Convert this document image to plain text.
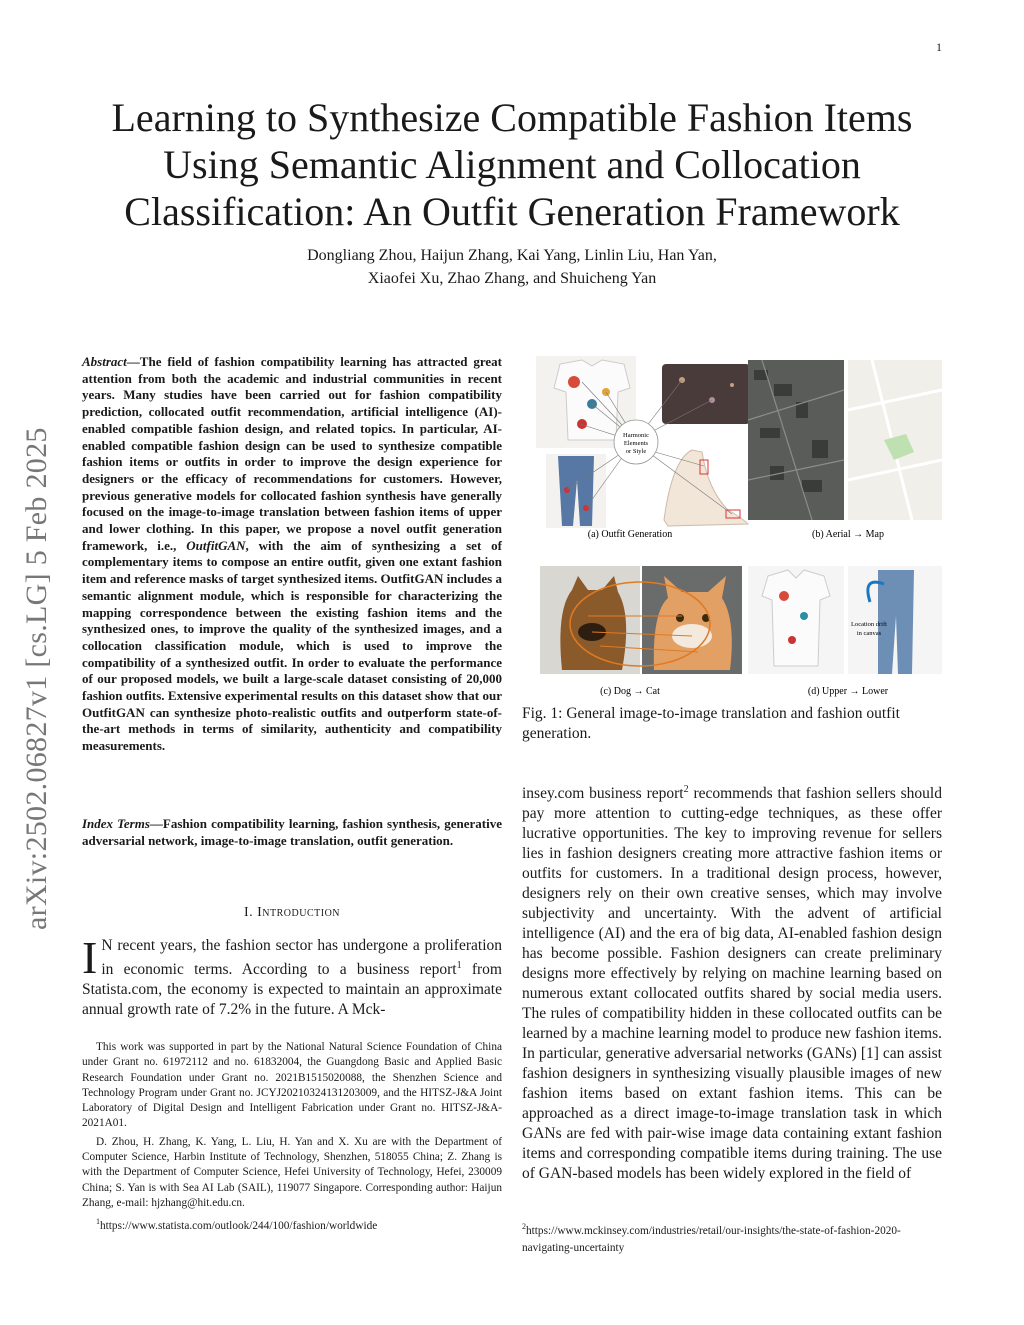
1
arXiv:2502.06827v1 [cs.LG] 5 Feb 2025
Learning to Synthesize Compatible Fashion Items
Using Semantic Alignment and Collocation
Classification: An Outfit Generation Framework
Dongliang Zhou, Haijun Zhang, Kai Yang, Linlin Liu, Han Yan,
Xiaofei Xu, Zhao Zhang, and Shuicheng Yan
Abstract—The field of fashion compatibility learning has attracted great attention from both the academic and industrial communities in recent years. Many studies have been carried out for fashion compatibility prediction, collocated outfit recommendation, artificial intelligence (AI)-enabled compatible fashion design, and related topics. In particular, AI-enabled compatible fashion design can be used to synthesize compatible fashion items or outfits in order to improve the design experience for designers or the efficacy of recommendations for customers. However, previous generative models for collocated fashion synthesis have generally focused on the image-to-image translation between fashion items of upper and lower clothing. In this paper, we propose a novel outfit generation framework, i.e., OutfitGAN, with the aim of synthesizing a set of complementary items to compose an entire outfit, given one extant fashion item and reference masks of target synthesized items. OutfitGAN includes a semantic alignment module, which is responsible for characterizing the mapping correspondence between the existing fashion items and the synthesized ones, to improve the quality of the synthesized images, and a collocation classification module, which is used to improve the compatibility of a synthesized outfit. In order to evaluate the performance of our proposed models, we built a large-scale dataset consisting of 20,000 fashion outfits. Extensive experimental results on this dataset show that our OutfitGAN can synthesize photo-realistic outfits and outperform state-of-the-art methods in terms of similarity, authenticity and compatibility measurements.
Index Terms—Fashion compatibility learning, fashion synthesis, generative adversarial network, image-to-image translation, outfit generation.
I. Introduction
I N recent years, the fashion sector has undergone a proliferation in economic terms. According to a business report$^1$ from Statista.com, the economy is expected to maintain an approximate annual growth rate of 7.2% in the future. A Mck-

This work was supported in part by the National Natural Science Foundation of China under Grant no. 61972112 and no. 61832004, the Guangdong Basic and Applied Basic Research Foundation under Grant no. 2021B1515020088, the Shenzhen Science and Technology Program under Grant no. JCYJ20210324131203009, and the HITSZ-J&A Joint Laboratory of Digital Design and Intelligent Fabrication under Grant no. HITSZ-J&A-2021A01.

D. Zhou, H. Zhang, K. Yang, L. Liu, H. Yan and X. Xu are with the Department of Computer Science, Harbin Institute of Technology, Shenzhen, 518055 China; Z. Zhang is with the Department of Computer Science, Hefei University of Technology, Hefei, 230009 China; S. Yan is with Sea AI Lab (SAIL), 119077 Singapore. Corresponding author: Haijun Zhang, e-mail: hjzhang@hit.edu.cn.

$^1$https://www.statista.com/outlook/244/100/fashion/worldwide

Harmonic
Elements
or Style
(a) Outfit Generation	(b) Aerial → Map
Location drift
in canvas
(c) Dog → Cat	(d) Upper → Lower
Fig. 1: General image-to-image translation and fashion outfit generation.
insey.com business report$^2$ recommends that fashion sellers should pay more attention to cutting-edge techniques, as these offer lucrative opportunities. The key to improving revenue for sellers lies in fashion designers creating more attractive fashion items or outfits for customers. In a traditional design process, however, designers rely on their own creative senses, which may involve subjectivity and uncertainty. With the advent of artificial intelligence (AI) and the era of big data, AI-enabled fashion design has become possible. Fashion designers can create preliminary designs more effectively by relying on machine learning based on numerous extant collocated outfits shared by social media users. The rules of compatibility hidden in these collocated outfits can be learned by a machine learning model to produce new fashion items. In particular, generative adversarial networks (GANs) [1] can assist fashion designers in synthesizing visually plausible images of new fashion items based on extant fashion items. This can be approached as a direct image-to-image translation task in which GANs are fed with pair-wise image data containing extant fashion items and corresponding compatible items during training. The use of GAN-based models has been widely explored in the field of
$^2$https://www.mckinsey.com/industries/retail/our-insights/the-state-of-fashion-2020-navigating-uncertainty
